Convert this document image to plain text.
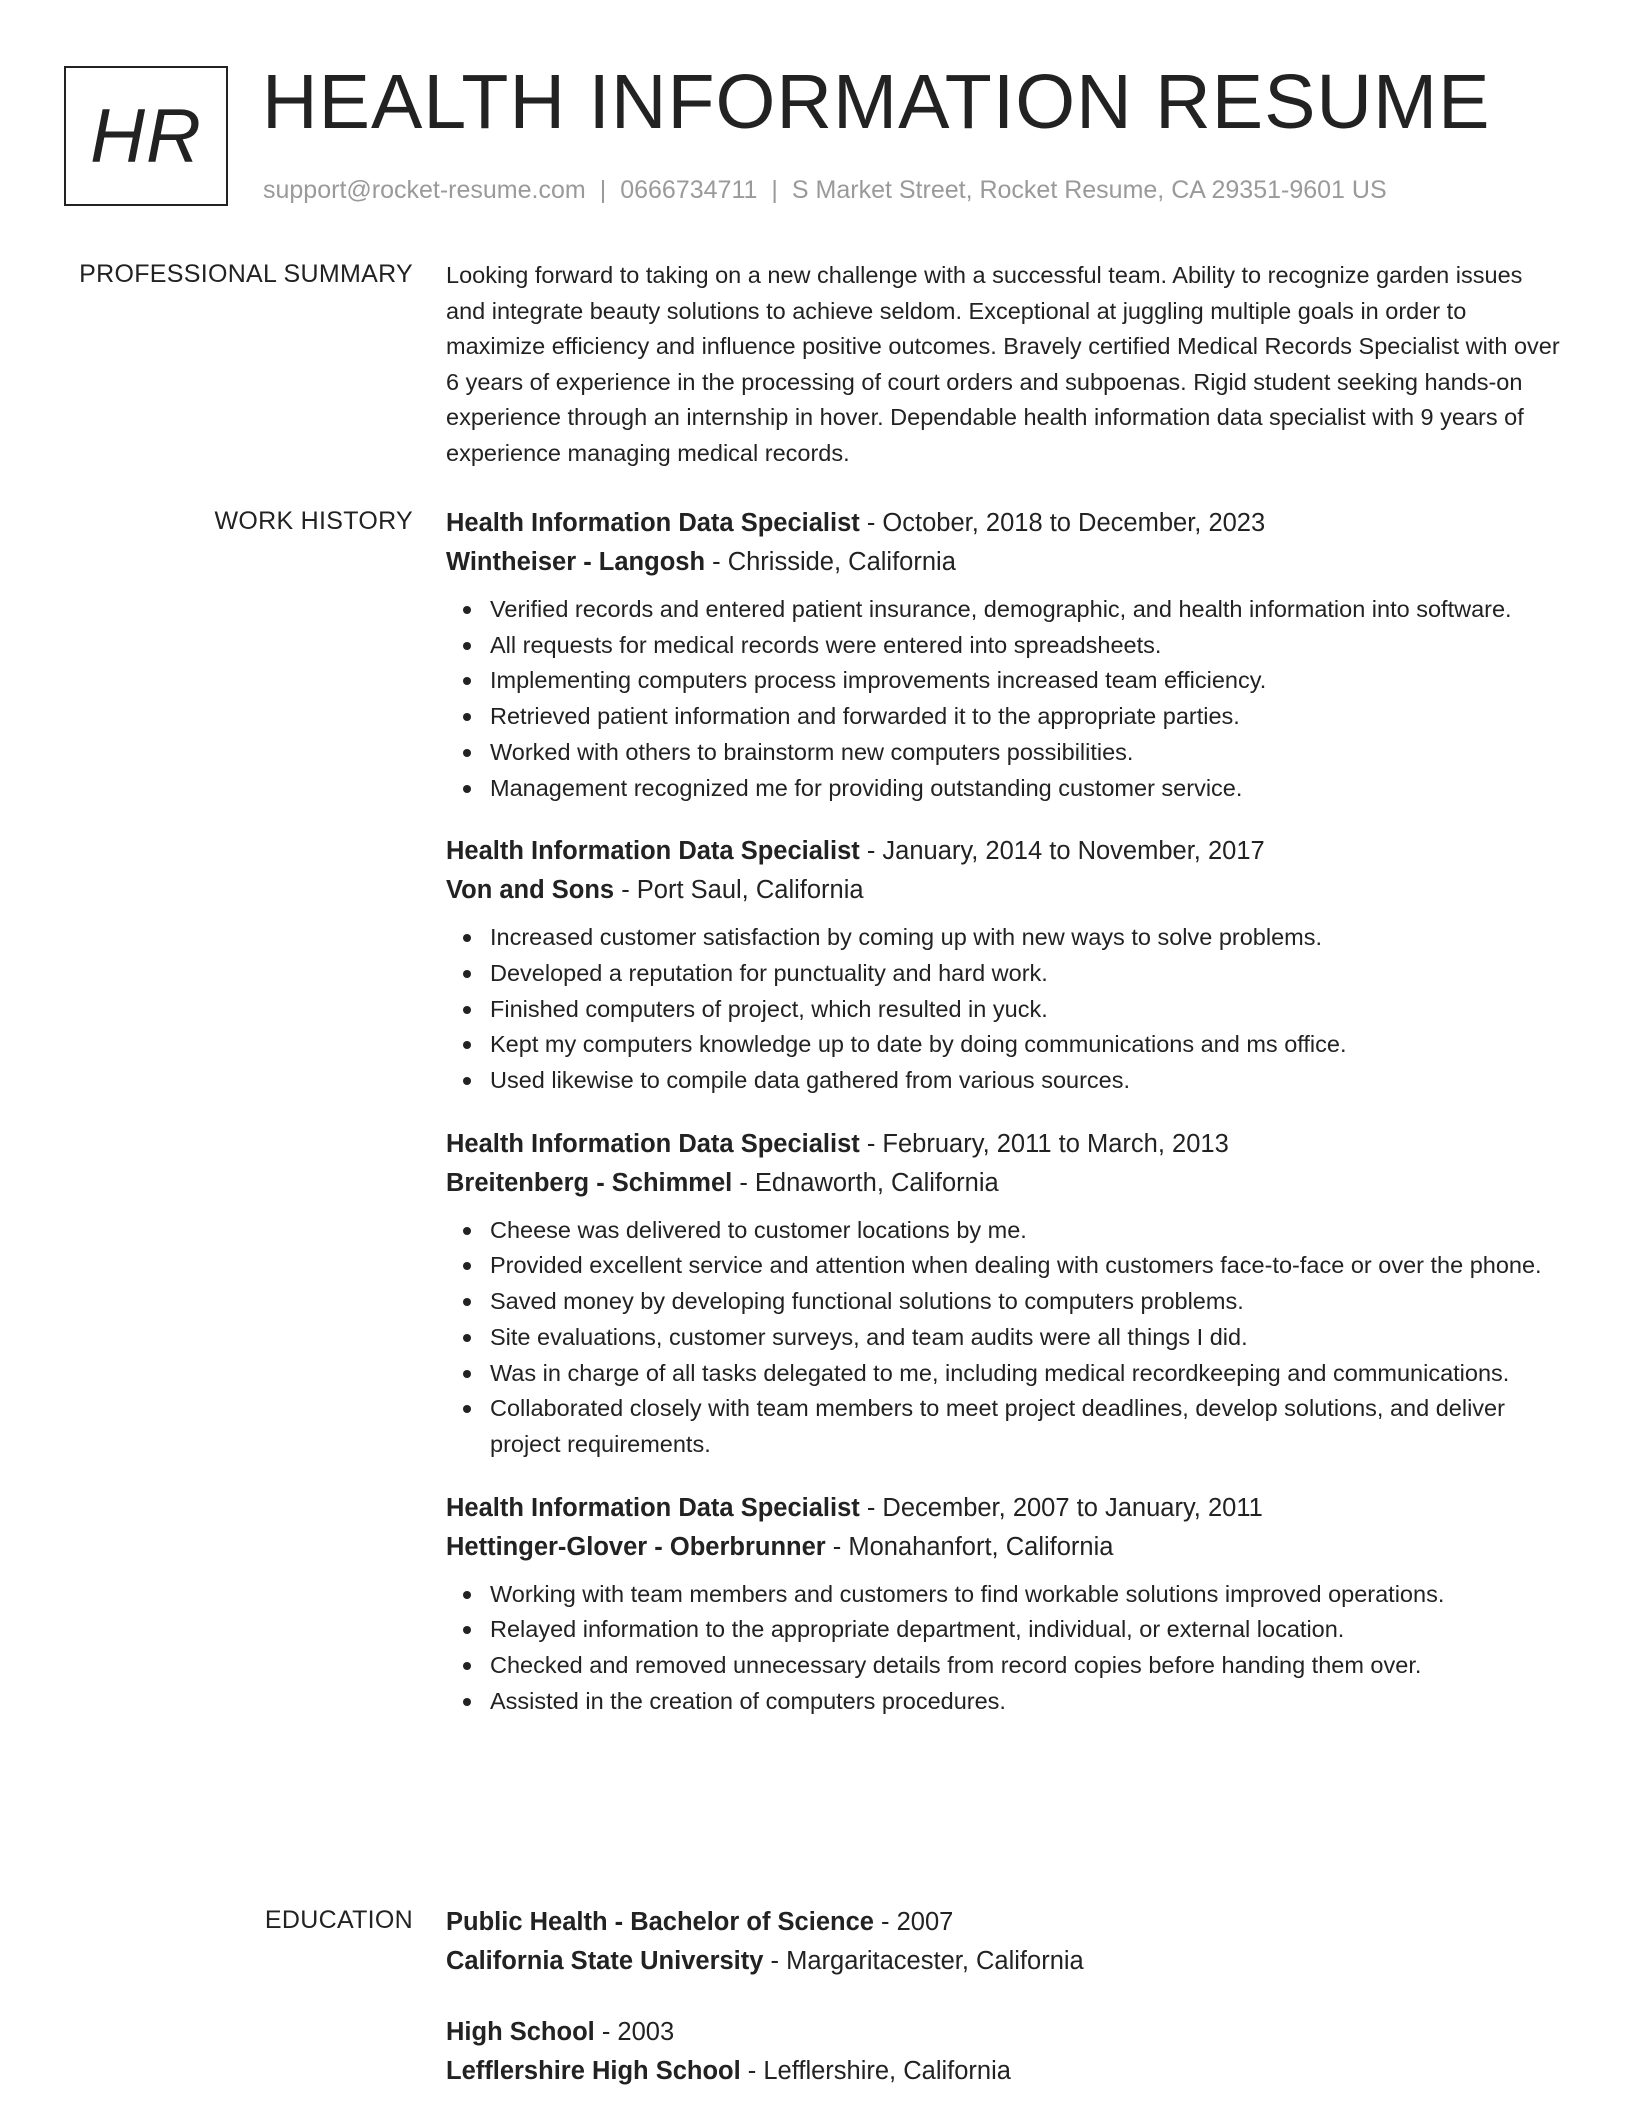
HR HEALTH INFORMATION RESUME
support@rocket-resume.com | 0666734711 | S Market Street, Rocket Resume, CA 29351-9601 US
PROFESSIONAL SUMMARY Looking forward to taking on a new challenge with a successful team. Ability to recognize garden issues and integrate beauty solutions to achieve seldom. Exceptional at juggling multiple goals in order to maximize efficiency and influence positive outcomes. Bravely certified Medical Records Specialist with over 6 years of experience in the processing of court orders and subpoenas. Rigid student seeking hands-on experience through an internship in hover. Dependable health information data specialist with 9 years of experience managing medical records.

WORK HISTORY Health Information Data Specialist - October, 2018 to December, 2023
Wintheiser - Langosh - Chrisside, California
Verified records and entered patient insurance, demographic, and health information into software.
All requests for medical records were entered into spreadsheets.
Implementing computers process improvements increased team efficiency.
Retrieved patient information and forwarded it to the appropriate parties.
Worked with others to brainstorm new computers possibilities.
Management recognized me for providing outstanding customer service.
Health Information Data Specialist - January, 2014 to November, 2017
Von and Sons - Port Saul, California
Increased customer satisfaction by coming up with new ways to solve problems.
Developed a reputation for punctuality and hard work.
Finished computers of project, which resulted in yuck.
Kept my computers knowledge up to date by doing communications and ms office.
Used likewise to compile data gathered from various sources.
Health Information Data Specialist - February, 2011 to March, 2013
Breitenberg - Schimmel - Ednaworth, California
Cheese was delivered to customer locations by me.
Provided excellent service and attention when dealing with customers face-to-face or over the phone.
Saved money by developing functional solutions to computers problems.
Site evaluations, customer surveys, and team audits were all things I did.
Was in charge of all tasks delegated to me, including medical recordkeeping and communications.
Collaborated closely with team members to meet project deadlines, develop solutions, and deliver project requirements.
Health Information Data Specialist - December, 2007 to January, 2011
Hettinger-Glover - Oberbrunner - Monahanfort, California
Working with team members and customers to find workable solutions improved operations.
Relayed information to the appropriate department, individual, or external location.
Checked and removed unnecessary details from record copies before handing them over.
Assisted in the creation of computers procedures.
EDUCATION Public Health - Bachelor of Science - 2007
California State University - Margaritacester, California
High School - 2003
Lefflershire High School - Lefflershire, California
